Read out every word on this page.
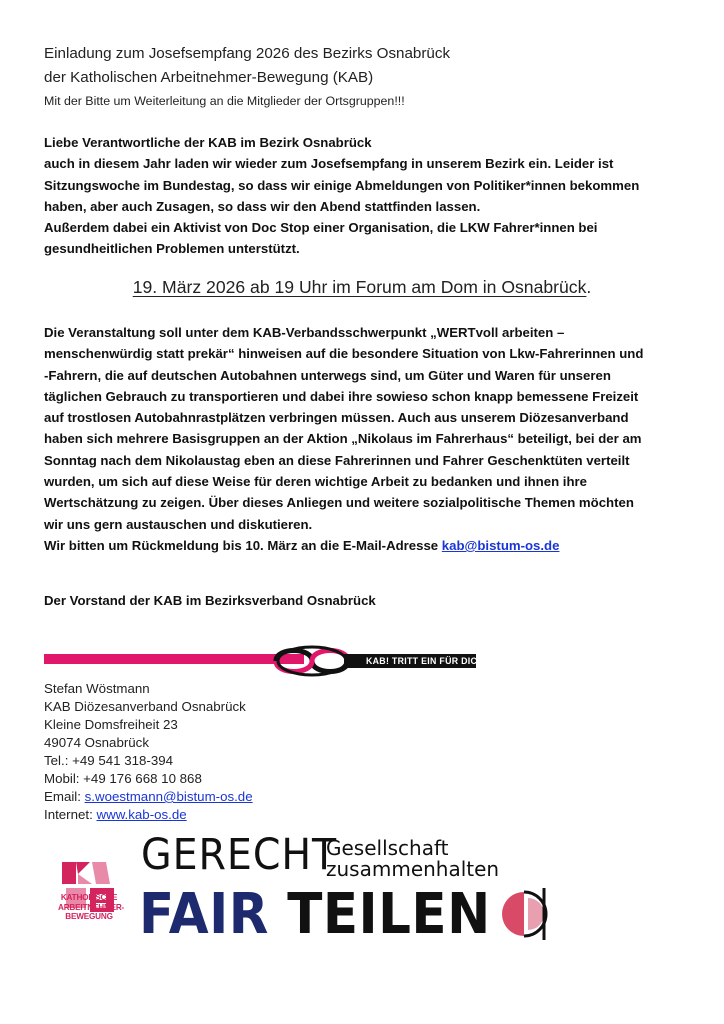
Einladung zum Josefsempfang 2026 des Bezirks Osnabrück
der Katholischen Arbeitnehmer-Bewegung (KAB)
Mit der Bitte um Weiterleitung an die Mitglieder der Ortsgruppen!!!
Liebe Verantwortliche der KAB im Bezirk Osnabrück
auch in diesem Jahr laden wir wieder zum Josefsempfang in unserem Bezirk ein. Leider ist
Sitzungswoche im Bundestag, so dass wir einige Abmeldungen von Politiker*innen bekommen
haben, aber auch Zusagen, so dass wir den Abend stattfinden lassen.
Außerdem dabei ein Aktivist von Doc Stop einer Organisation, die LKW Fahrer*innen bei
gesundheitlichen Problemen unterstützt.
19. März 2026 ab 19 Uhr im Forum am Dom in Osnabrück.
Die Veranstaltung soll unter dem KAB-Verbandsschwerpunkt „WERTvoll arbeiten –
menschenwürdig statt prekär“ hinweisen auf die besondere Situation von Lkw-Fahrerinnen und
-Fahrern, die auf deutschen Autobahnen unterwegs sind, um Güter und Waren für unseren
täglichen Gebrauch zu transportieren und dabei ihre sowieso schon knapp bemessene Freizeit
auf trostlosen Autobahnrastplätzen verbringen müssen. Auch aus unserem Diözesanverband
haben sich mehrere Basisgruppen an der Aktion „Nikolaus im Fahrerhaus“ beteiligt, bei der am
Sonntag nach dem Nikolaustag eben an diese Fahrerinnen und Fahrer Geschenktüten verteilt
wurden, um sich auf diese Weise für deren wichtige Arbeit zu bedanken und ihnen ihre
Wertschätzung zu zeigen. Über dieses Anliegen und weitere sozialpolitische Themen möchten
wir uns gern austauschen und diskutieren.
Wir bitten um Rückmeldung bis 10. März an die E-Mail-Adresse kab@bistum-os.de
Der Vorstand der KAB im Bezirksverband Osnabrück
KAB! TRITT EIN FÜR DICH.
Stefan Wöstmann
KAB Diözesanverband Osnabrück
Kleine Domsfreiheit 23
49074 Osnabrück
Tel.: +49 541 318-394
Mobil: +49 176 668 10 868
Email: s.woestmann@bistum-os.de
Internet: www.kab-os.de
KATHOLISCHE
ARBEITNEHMER-
BEWEGUNG
GERECHT
Gesellschaft
zusammenhalten
FAIR TEILEN
